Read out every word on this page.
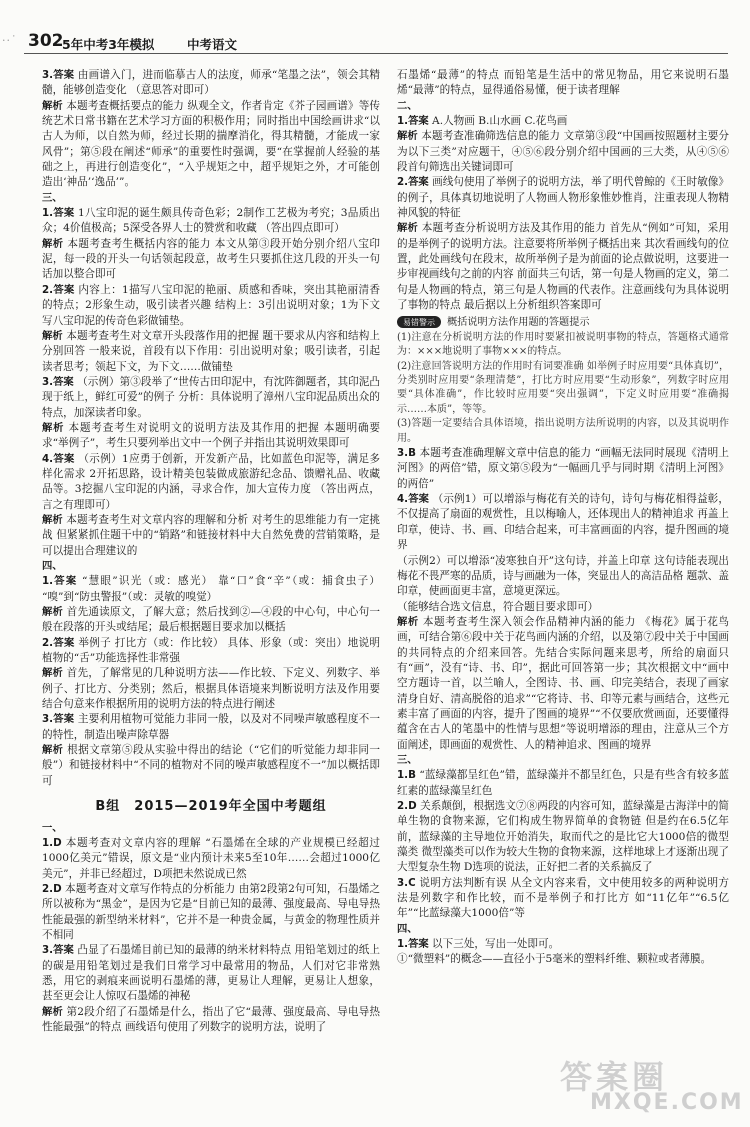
··˙ 302
5年中考3年模拟	中考语文

3.答案 由画谱入门，进而临摹古人的法度，师承“笔墨之法”，领会其精髓，能够创造变化 （意思答对即可）

解析 本题考查概括要点的能力 纵观全文，作者肯定《芥子园画谱》等传统艺术日常书籍在艺术学习方面的积极作用；同时指出中国绘画讲求“以古人为师，以自然为师，经过长期的揣摩消化，得其精髓，才能成一家风骨”；第⑤段在阐述“师承”的重要性时强调，要“在掌握前人经验的基础之上，再进行创造变化”，“入乎规矩之中，超乎规矩之外，才可能创造出‘神品’‘逸品’”。

三、

1.答案 1八宝印泥的诞生颇具传奇色彩；2制作工艺极为考究；3品质出众；4价值极高；5深受各界人士的赞赏和收藏 （答出四点即可）

解析 本题考查考生概括内容的能力 本文从第③段开始分别介绍八宝印泥，每一段的开头一句话领起段意，故考生只要抓住这几段的开头一句话加以整合即可

2.答案 内容上：1描写八宝印泥的艳丽、质感和香味，突出其艳丽清香的特点；2形象生动，吸引读者兴趣 结构上：3引出说明对象；1为下文写八宝印泥的传奇色彩做铺垫。

解析 本题考查考生对文章开头段落作用的把握 题干要求从内容和结构上分别回答 一般来说，首段有以下作用：引出说明对象；吸引读者，引起读者思考；领起下文，为下文……做铺垫

3.答案 （示例）第③段举了“世传古田印泥中，有沈阵御题者，其印泥凸现于纸上，鲜红可爱”的例子 分析：具体说明了漳州八宝印泥品质出众的特点，加深读者印象。

解析 本题考查考生对说明文的说明方法及其作用的把握 本题明确要求“举例子”，考生只要列举出文中一个例子并指出其说明效果即可

4.答案 （示例）1应勇于创新，开发新产品，比如蓝色印泥等，满足多样化需求 2开拓思路，设计精美包装做成旅游纪念品、馈赠礼品、收藏品等。3挖掘八宝印泥的内涵，寻求合作，加大宣传力度 （答出两点，言之有理即可）

解析 本题考查考生对文章内容的理解和分析 对考生的思维能力有一定挑战 但紧紧抓住题干中的“销路”和链接材料中大自然免费的营销策略，是可以提出合理建议的

四、

1.答案 “慧眼”识光（或：感光） 靠“口”食“辛”（或：捕食虫子） “嗅”到“防虫警报”（或：灵敏的嗅觉）

解析 首先通读原文，了解大意；然后找到②—④段的中心句，中心句一般在段落的开头或结尾；最后根据题目要求加以概括

2.答案 举例子 打比方（或：作比较） 具体、形象（或：突出）地说明植物的“舌”功能选择性非常强

解析 首先，了解常见的几种说明方法——作比较、下定义、列数字、举例子、打比方、分类别；然后，根据具体语境来判断说明方法及作用要结合句意来作根据所用的说明方法的特点进行阐述

3.答案 主要利用植物可觉能力非同一般，以及对不同噪声敏感程度不一的特性，制造出噪声除草器

解析 根据文章第⑤段从实验中得出的结论（“它们的听觉能力却非同一般”）和链接材料中“不同的植物对不同的噪声敏感程度不一”加以概括即可

B组　2015—2019年全国中考题组

一、

1.D 本题考查对文章内容的理解 “石墨烯在全球的产业规模已经超过1000亿美元”错误，原文是“业内预计未来5至10年……会超过1000亿美元”，并非已经超过，D项把未然说成已然

2.D 本题考查对文章写作特点的分析能力 由第2段第2句可知，石墨烯之所以被称为“黑金”，是因为它是“目前已知的最薄、强度最高、导电导热性能最强的新型纳米材料”，它并不是一种贵金属，与黄金的物理性质并不相同

3.答案 凸显了石墨烯目前已知的最薄的纳米材料特点 用铅笔划过的纸上的碳是用铅笔划过是我们日常学习中最常用的物品，人们对它非常熟悉，用它的剥痕来画说明石墨烯的薄，更易让人理解，更易让人想象，甚至更会让人惊叹石墨烯的神秘

解析 第2段介绍了石墨烯是什么，指出了它“最薄、强度最高、导电导热性能最强”的特点 画线语句使用了列数字的说明方法，说明了

石墨烯“最薄”的特点 而铅笔是生活中的常见物品，用它来说明石墨烯“最薄”的特点，显得通俗易懂，便于读者理解

二、

1.答案 A.人物画 B.山水画 C.花鸟画

解析 本题考查准确筛选信息的能力 文章第③段“中国画按照题材主要分为以下三类”对应题干，④⑤⑥段分别介绍中国画的三大类，从④⑤⑥段首句筛选出关键词即可

2.答案 画线句使用了举例子的说明方法，举了明代曾鲸的《王时敏像》的例子，具体真切地说明了人物画人物形象惟妙惟肖，注重表现人物精神风貌的特征

解析 本题考查分析说明方法及其作用的能力 首先从“例如”可知，采用的是举例子的说明方法。注意要将所举例子概括出来 其次看画线句的位置，此处画线句在段末，故所举例子是为前面的论点做说明，这要进一步审视画线句之前的内容 前面共三句话，第一句是人物画的定义，第二句是人物画的特点，第三句是人物画的代表作。注意画线句为具体说明了事物的特点 最后据以上分析组织答案即可

易错警示	概括说明方法作用题的答题提示

(1)注意在分析说明方法的作用时要紧扣被说明事物的特点，答题格式通常为：×××地说明了事物×××的特点。

(2)注意回答说明方法的作用时有词要准确 如举例子时应用要“具体真切”，分类别时应用要“条理清楚”，打比方时应用要“生动形象”，列数字时应用要“具体准确”，作比较时应用要“突出强调”，下定义时应用要“准确揭示……本质”，等等。

(3)答题一定要结合具体语境，指出说明方法所说明的内容，以及其说明作用。

3.B 本题考查准确理解文章中信息的能力 “画幅无法同时展现《清明上河图》的两倍”错，原文第⑤段为“一幅画几乎与同时期《清明上河图》的两倍”

4.答案 （示例1）可以增添与梅花有关的诗句，诗句与梅花相得益彰，不仅提高了扇面的观赏性，且以梅喻人，还体现出人的精神追求 再盖上印章，使诗、书、画、印结合起来，可丰富画面的内容，提升图画的境界

（示例2）可以增添“凌寒独自开”这句诗，并盖上印章 这句诗能表现出梅花不畏严寒的品质，诗与画融为一体，突显出人的高洁品格 题款、盖印章，使画面更丰富，意境更深远。

（能够结合选文信息，符合题目要求即可）

解析 本题考查考生深入领会作品精神内涵的能力 《梅花》属于花鸟画，可结合第⑥段中关于花鸟画内涵的介绍，以及第⑦段中关于中国画的共同特点的介绍来回答。先结合实际问题来思考，所给的扇面只有“画”，没有“诗、书、印”，据此可回答第一步；其次根据文中“画中空方题诗一首，以兰喻人，全图诗、书、画、印完美结合，表现了画家清身自好、清高脱俗的追求”“它将诗、书、印等元素与画结合，这些元素丰富了画面的内容，提升了图画的境界”“不仅要欣赏画面，还要懂得蕴含在古人的笔墨中的性情与思想”等说明增添的理由，注意从三个方面阐述，即画面的观赏性、人的精神追求、图画的境界

三、

1.B “蓝绿藻都呈红色”错，蓝绿藻并不都呈红色，只是有些含有较多蓝红素的蓝绿藻呈红色

2.D 关系颠倒，根据选文⑦⑧两段的内容可知，蓝绿藻是古海洋中的简单生物的食物来源，它们构成生物界简单的食物链 但是约在6.5亿年前，蓝绿藻的主导地位开始消失，取而代之的是比它大1000倍的微型藻类 微型藻类可以作为较大生物的食物来源，这样地球上才逐渐出现了大型复杂生物 D选项的说法，正好把二者的关系搞反了

3.C 说明方法判断有误 从全文内容来看，文中使用较多的两种说明方法是列数字和作比较，而不是举例子和打比方 如“11亿年”“6.5亿年”“比蓝绿藻大1000倍”等

四、

1.答案 以下三处，写出一处即可。

①“微塑料”的概念——直径小于5毫米的塑料纤维、颗粒或者薄膜。

答案圈
MXQE.COM
